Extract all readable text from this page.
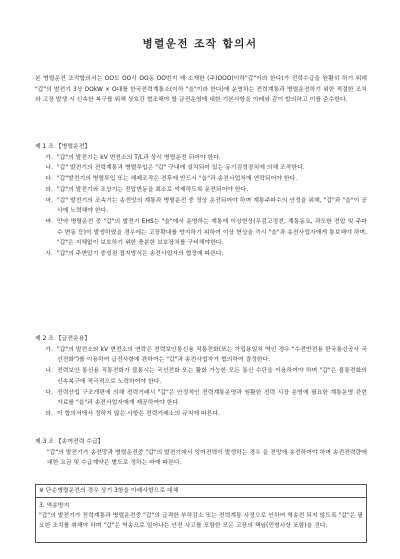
병렬운전 조작 합의서
본 병렬운전 조작합의서는 OO도 OO시 OO동 OO번지 에 소재한 (주)OOO(이하"갑"이라 한다)가 전력수급을 원활히 하기 위해 "갑"의 발전기 3상 OOkW × O대를 한국전력계통소(이하 "을"이라 한다)에 운영하는 전력계통과 병렬운전하기 위한 적절한 조치와 고장 발생 시 신속한 복구를 위해 상호간 협조해야 할 금전운영에 대한 기본사항을 아래와 같이 합의하고 이를 준수한다.
제 1 조 【병렬운전】
가. "갑"의 발전기는 kV 변전소의 T/L과 상시 병렬운전 되어야 한다.
나. "갑" 발전기의 전력계통과 병렬투입은 "갑" 구내에 설치되어 있는 동기검정장치에 의해 조작한다.
다. "갑"발전기의 병렬투입 또는 해제조작은 전후에 반드시 "을"과 송전사업처에 연락되어야 한다.
라. "갑"의 발전기와 조상기는 전압변동을 최소로 억제하도록 운전되어야 한다.
마. "갑" 발전기의 조속기는 송전망의 계통과 병렬운전 중 정상 운전되어야 하며 계통주파수의 안정을 위해, "갑"과 "을"이 공사에 노력해야 한다.
바. 만약 병렬운전 중 "갑"의 발전기 EHS는 "을"에서 운영하는 계통에 이상현상(무검고정전, 계통동요, 과도한 전압 및 주파수 변동 등)이 발생하였을 경우에는 고장확대를 방지하기 위하여 이상 현상을 즉시 "을"과 송전사업자에게 통보해야 하며, "갑"은 지체없이 보호하기 위한 충분한 보호장치를 구비해야한다.
사. "갑"의 주변압기 중성점 접지방식은 송전사업자의 협정에 따른다.
제 2 조 【급전운용】
가. "갑"의 발전소와 kV 변전소의 연락은 전력보안통신용 직통전화(또는 가입용일치 역인 경우 "수전반전용 한국통신공사 국선전화")를 이용하여 급전사항에 관하여는 "갑"과 송전사업자가 협의하여 결정한다.
나. 전력보안 통신용 직통전화가 불통시는 국선전화 또는 활화 가능한 모든 통신 수단을 이용하여야 하며 "갑"은 불통전화의 신속복구에 적극적으로 노력하여야 한다.
다. 전력산업 구조개편에 의해 전력거래시 "갑"은 안정적인 전력계통운영과 원활한 전력 시장 운영에 필요한 계통운영 관련 자료를 "을"과 송전사업자에게 제공하여야 한다.
라. 이 합의서에서 정하지 않은 사항은 전력거래소의 규칙에 따른다.
제 3 조 【송여전력 수급】
"갑"의 발전기가 송전망과 병렬운전중 "갑"의 발전기에서 잉여전력이 발생하는 경우 을 전망에 송전하여야 하며 송전전력량에 대한 요금 및 수급계약은 별도로 정하는 바에 따른다.
※ 단순병렬운전의 경우 상기 3항을 아래사항으로 대체
3. 역송방지
"갑"의 발전기가 전력계통과 병렬운전중 "갑"의 급격한 부하감소 또는 전력계통 사정으로 인하여 역송전 되지 않도록 "갑"은 필요한 조치를 취해야 하며 "갑"은 역송으로 일어나는 안전 사고를 포함한 모든 고장의 책임(민형사상 포함)을 진다.
